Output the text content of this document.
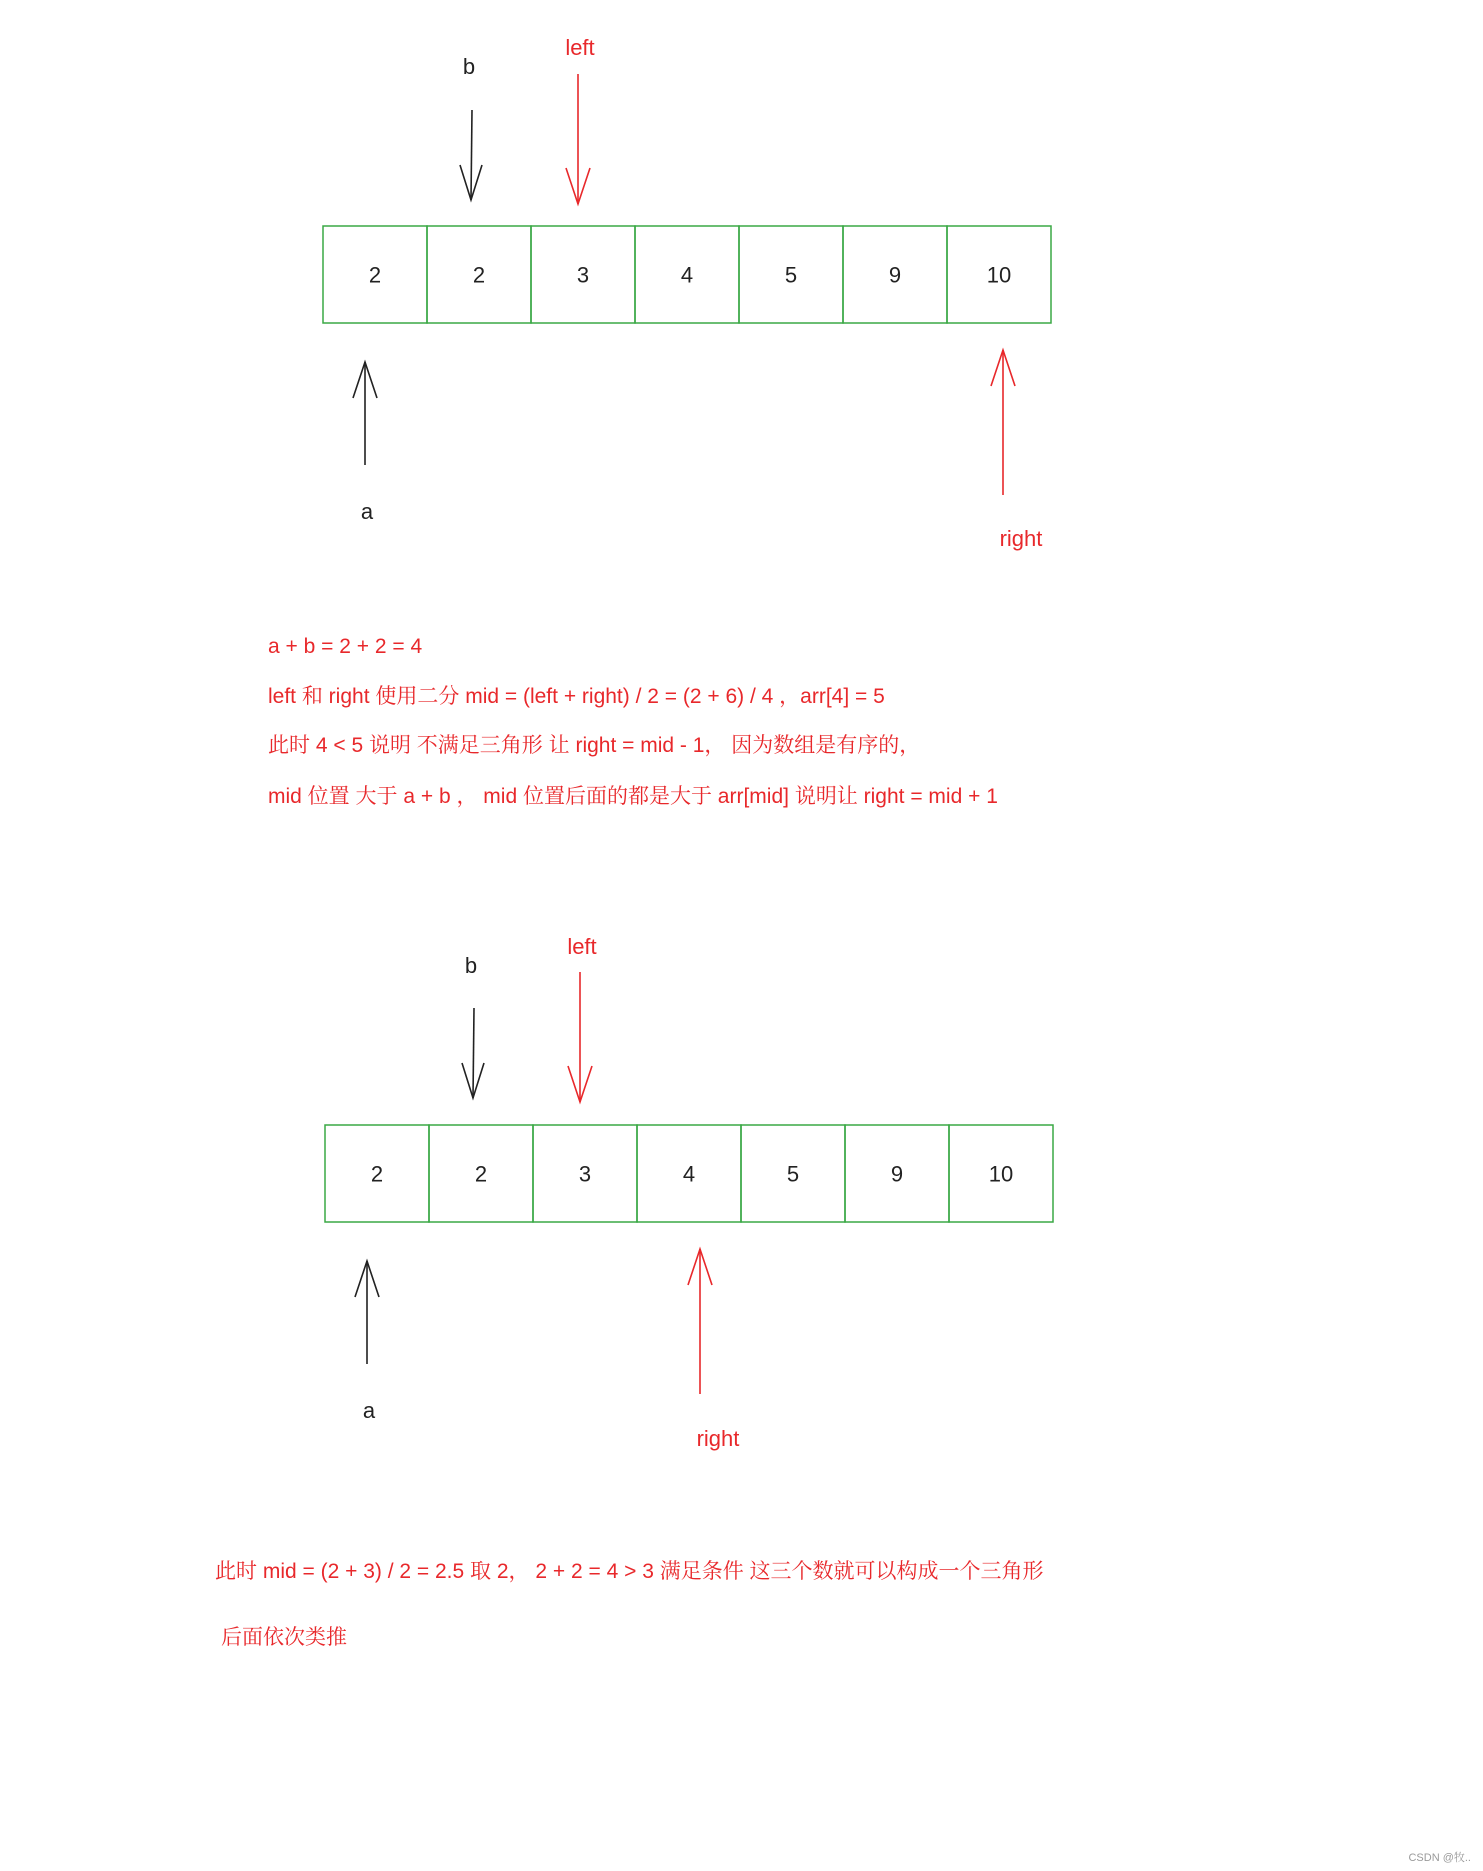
2	2	3	4	5	9	10
b
left
a
right
2	2	3	4	5	9	10
b
left
a
right

a + b = 2 + 2 = 4

left 和 right 使用二分 mid = (left + right) / 2 = (2 + 6) / 4 ，arr[4] = 5

此时 4 < 5 说明 不满足三角形 让 right = mid - 1， 因为数组是有序的，

mid 位置 大于 a + b ， mid 位置后面的都是大于 arr[mid] 说明让 right = mid + 1

此时 mid = (2 + 3) / 2 = 2.5 取 2， 2 + 2 = 4 > 3 满足条件 这三个数就可以构成一个三角形

后面依次类推

CSDN @牧..
